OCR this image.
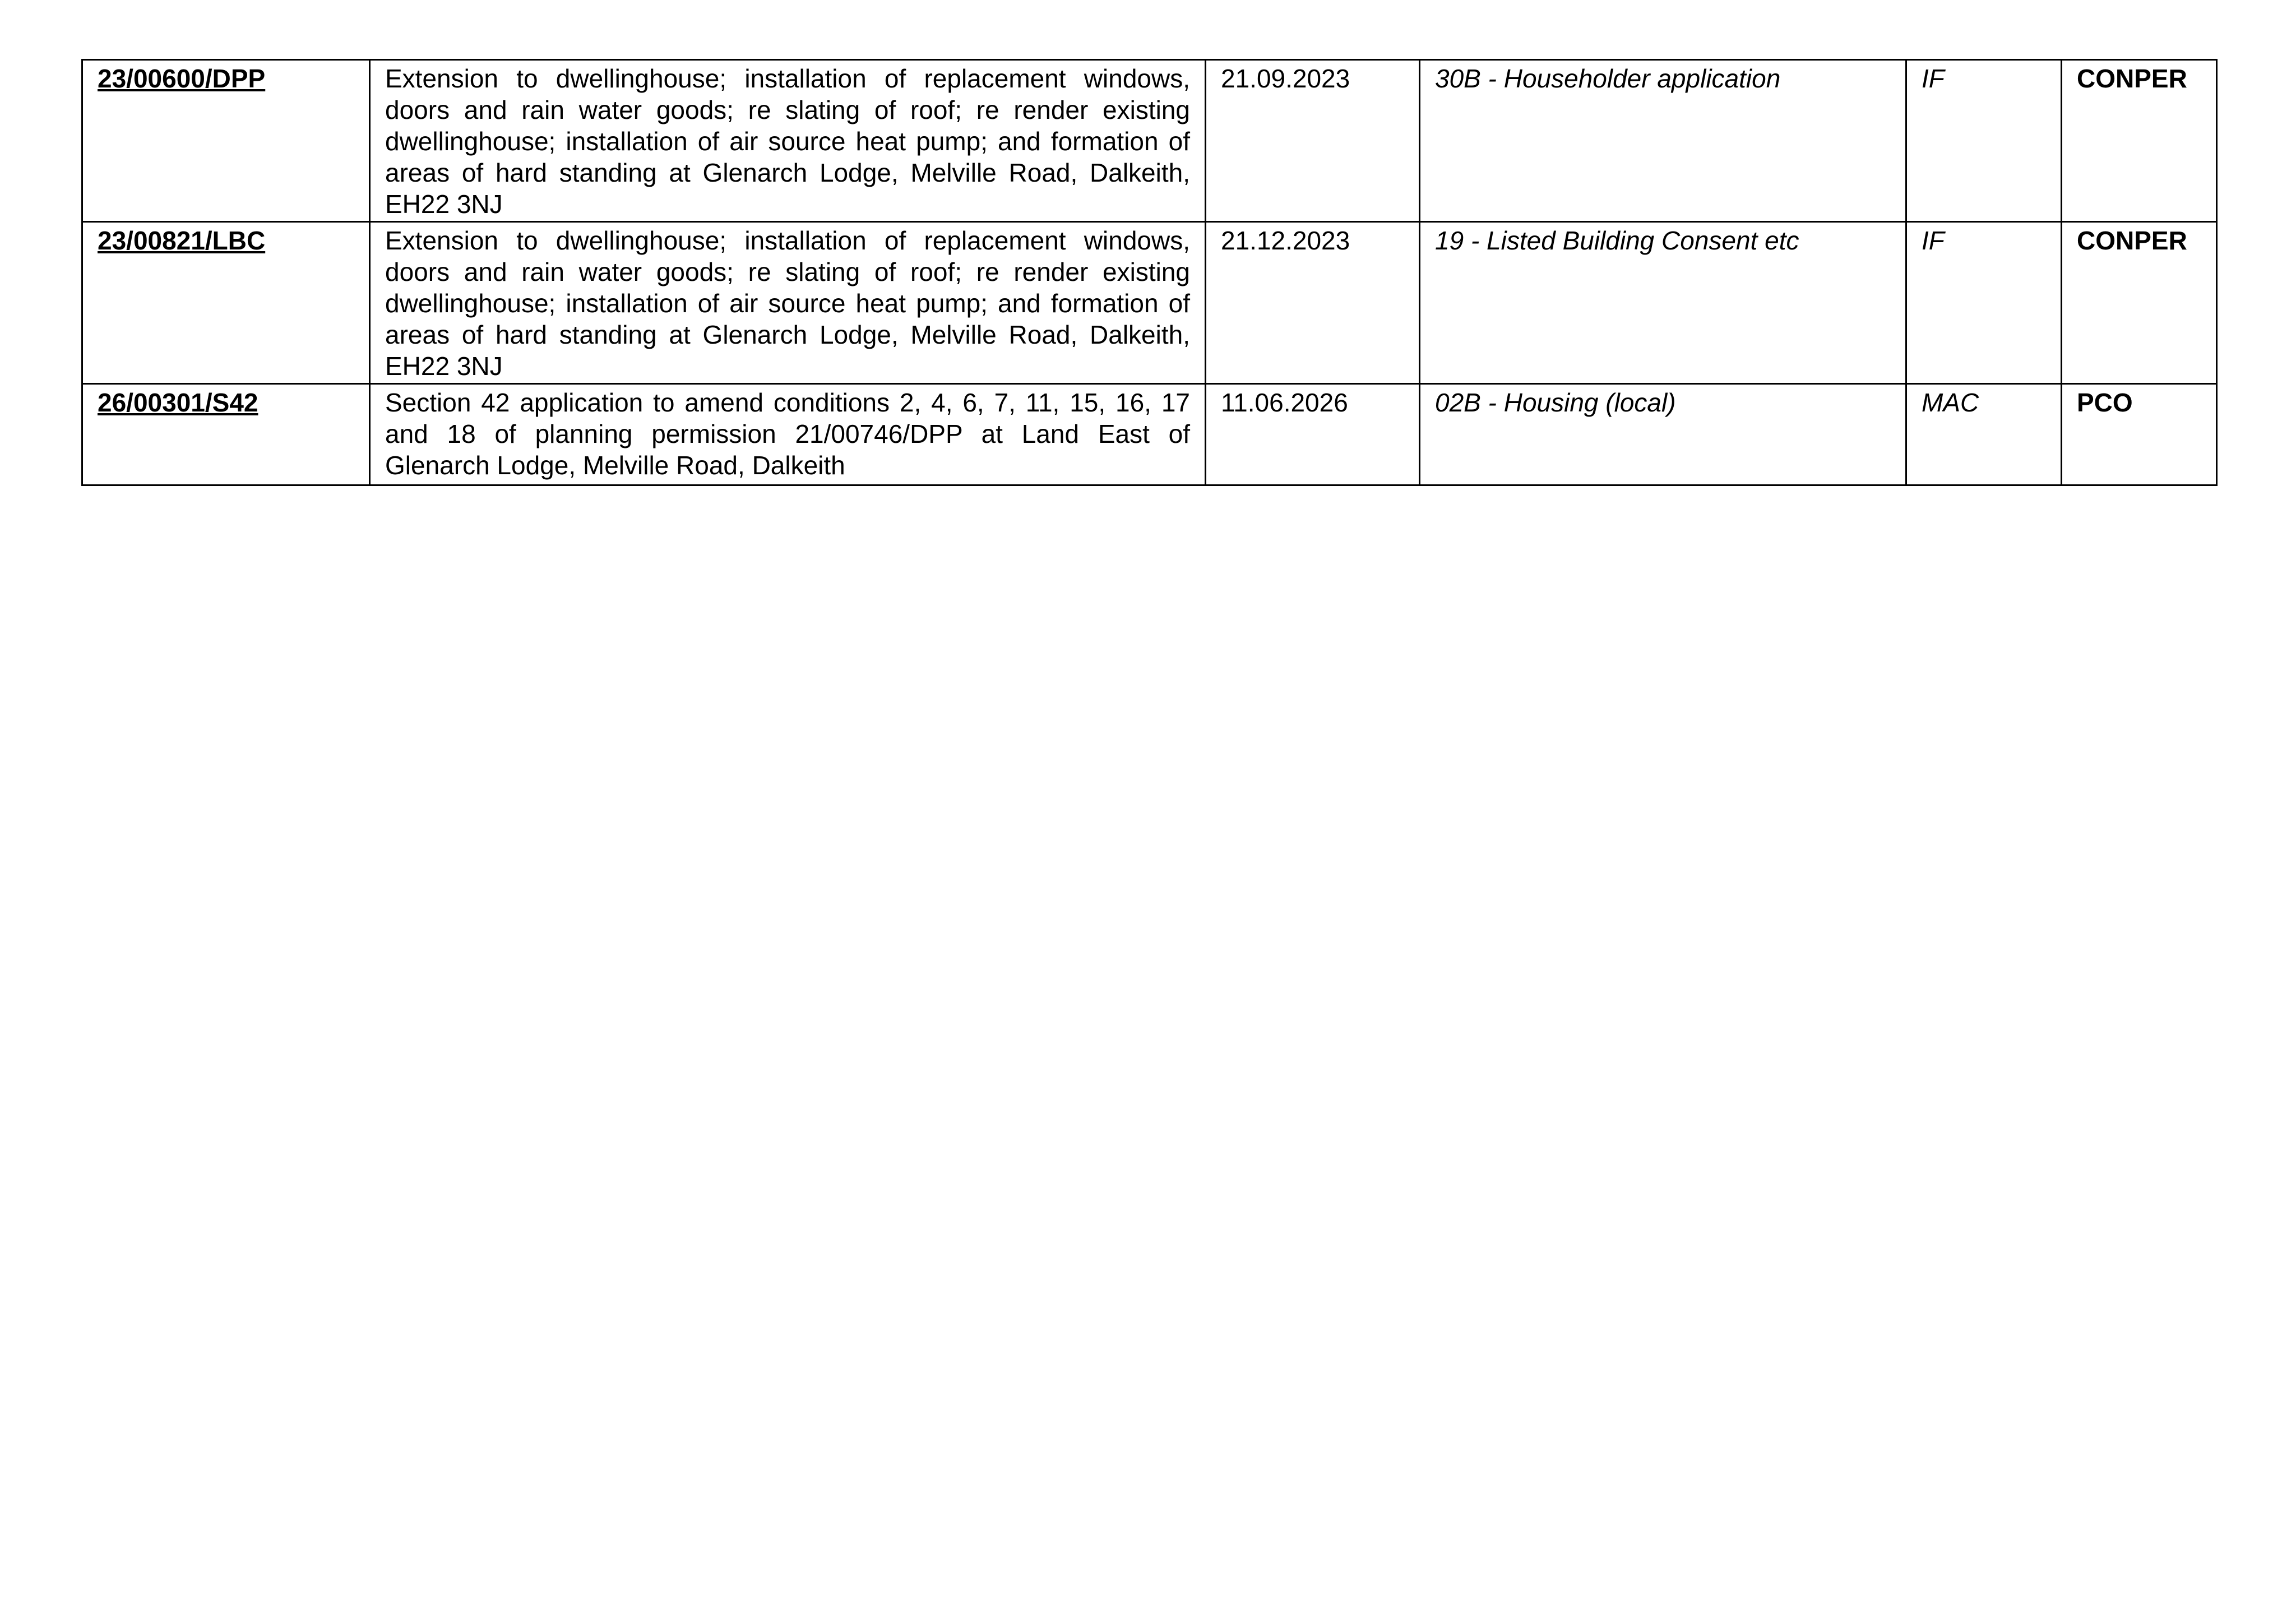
23/00600/DPP	Extension to dwellinghouse; installation of replacement windows, doors and rain water goods; re slating of roof; re render existing dwellinghouse; installation of air source heat pump; and formation of areas of hard standing at Glenarch Lodge, Melville Road, Dalkeith, EH22 3NJ	21.09.2023	30B - Householder application	IF	CONPER
23/00821/LBC	Extension to dwellinghouse; installation of replacement windows, doors and rain water goods; re slating of roof; re render existing dwellinghouse; installation of air source heat pump; and formation of areas of hard standing at Glenarch Lodge, Melville Road, Dalkeith, EH22 3NJ	21.12.2023	19 - Listed Building Consent etc	IF	CONPER
26/00301/S42	Section 42 application to amend conditions 2, 4, 6, 7, 11, 15, 16, 17 and 18 of planning permission 21/00746/DPP at Land East of Glenarch Lodge, Melville Road, Dalkeith	11.06.2026	02B - Housing (local)	MAC	PCO
